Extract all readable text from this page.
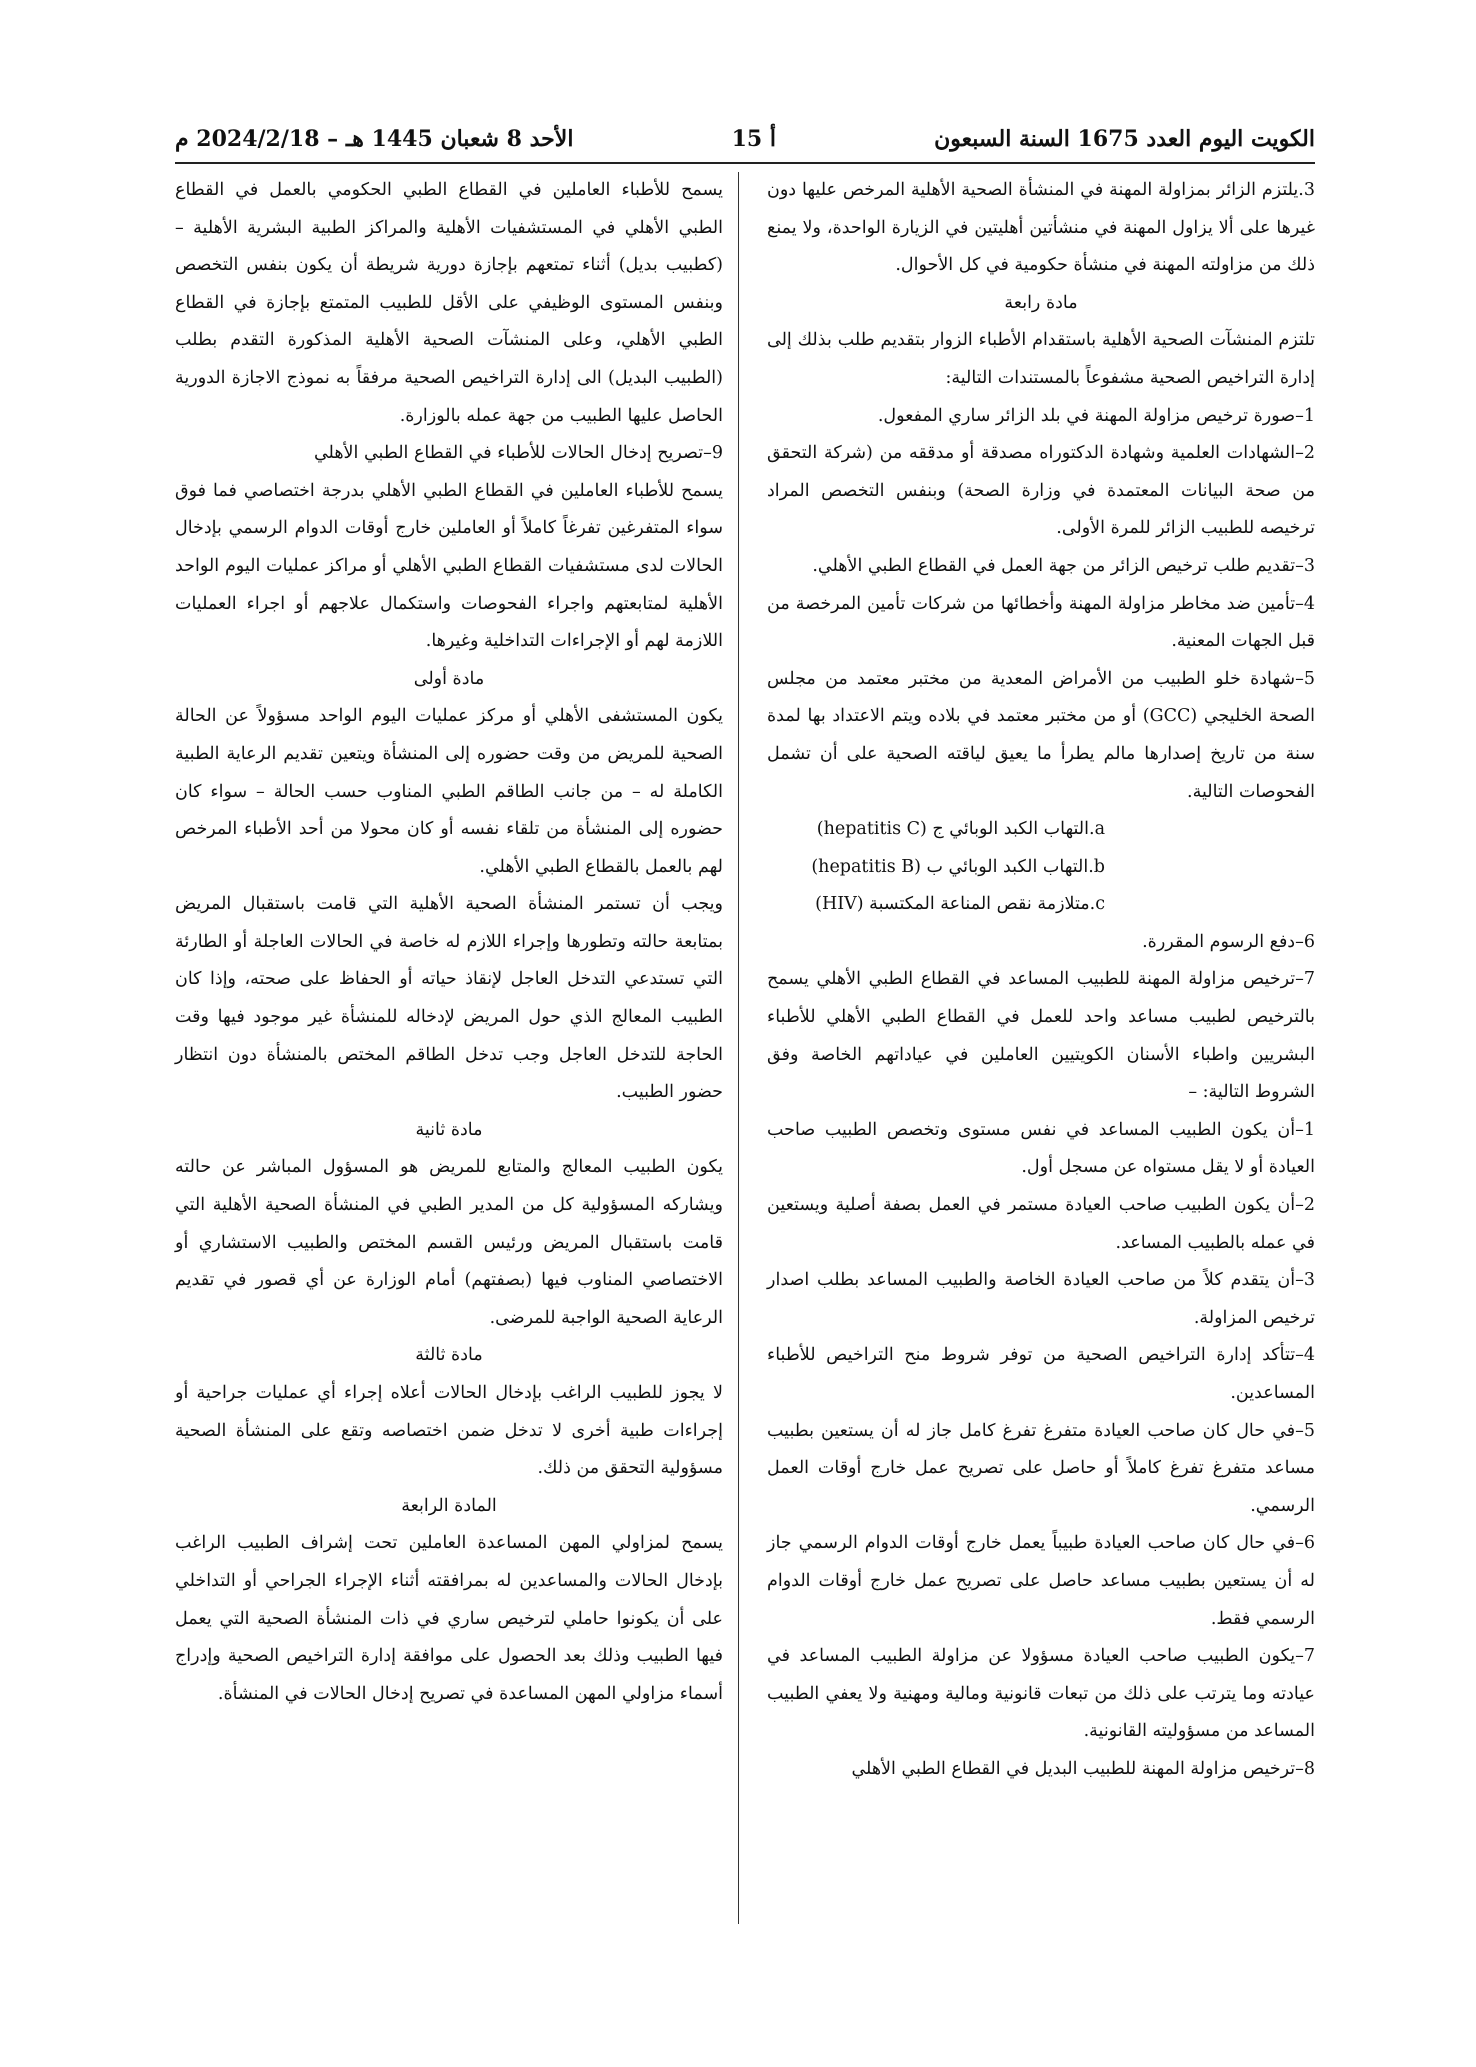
الكويت اليوم العدد 1675 السنة السبعون
أ 15
الأحد 8 شعبان 1445 هـ – 2024/2/18 م

3.يلتزم الزائر بمزاولة المهنة في المنشأة الصحية الأهلية المرخص عليها دون غيرها على ألا يزاول المهنة في منشأتين أهليتين في الزيارة الواحدة، ولا يمنع ذلك من مزاولته المهنة في منشأة حكومية في كل الأحوال.

مادة رابعة

تلتزم المنشآت الصحية الأهلية باستقدام الأطباء الزوار بتقديم طلب بذلك إلى إدارة التراخيص الصحية مشفوعاً بالمستندات التالية:

1–صورة ترخيص مزاولة المهنة في بلد الزائر ساري المفعول.

2–الشهادات العلمية وشهادة الدكتوراه مصدقة أو مدققه من (شركة التحقق من صحة البيانات المعتمدة في وزارة الصحة) وبنفس التخصص المراد ترخيصه للطبيب الزائر للمرة الأولى.

3–تقديم طلب ترخيص الزائر من جهة العمل في القطاع الطبي الأهلي.

4–تأمين ضد مخاطر مزاولة المهنة وأخطائها من شركات تأمين المرخصة من قبل الجهات المعنية.

5–شهادة خلو الطبيب من الأمراض المعدية من مختبر معتمد من مجلس الصحة الخليجي (GCC) أو من مختبر معتمد في بلاده ويتم الاعتداد بها لمدة سنة من تاريخ إصدارها مالم يطرأ ما يعيق لياقته الصحية على أن تشمل الفحوصات التالية.

a.التهاب الكبد الوبائي ج (hepatitis C)

b.التهاب الكبد الوبائي ب (hepatitis B)

c.متلازمة نقص المناعة المكتسبة (HIV)

6–دفع الرسوم المقررة.

7–ترخيص مزاولة المهنة للطبيب المساعد في القطاع الطبي الأهلي يسمح بالترخيص لطبيب مساعد واحد للعمل في القطاع الطبي الأهلي للأطباء البشريين واطباء الأسنان الكويتيين العاملين في عياداتهم الخاصة وفق الشروط التالية: –

1–أن يكون الطبيب المساعد في نفس مستوى وتخصص الطبيب صاحب العيادة أو لا يقل مستواه عن مسجل أول.

2–أن يكون الطبيب صاحب العيادة مستمر في العمل بصفة أصلية ويستعين في عمله بالطبيب المساعد.

3–أن يتقدم كلاً من صاحب العيادة الخاصة والطبيب المساعد بطلب اصدار ترخيص المزاولة.

4–تتأكد إدارة التراخيص الصحية من توفر شروط منح التراخيص للأطباء المساعدين.

5–في حال كان صاحب العيادة متفرغ تفرغ كامل جاز له أن يستعين بطبيب مساعد متفرغ تفرغ كاملاً أو حاصل على تصريح عمل خارج أوقات العمل الرسمي.

6–في حال كان صاحب العيادة طبيباً يعمل خارج أوقات الدوام الرسمي جاز له أن يستعين بطبيب مساعد حاصل على تصريح عمل خارج أوقات الدوام الرسمي فقط.

7–يكون الطبيب صاحب العيادة مسؤولا عن مزاولة الطبيب المساعد في عيادته وما يترتب على ذلك من تبعات قانونية ومالية ومهنية ولا يعفي الطبيب المساعد من مسؤوليته القانونية.

8–ترخيص مزاولة المهنة للطبيب البديل في القطاع الطبي الأهلي

يسمح للأطباء العاملين في القطاع الطبي الحكومي بالعمل في القطاع الطبي الأهلي في المستشفيات الأهلية والمراكز الطبية البشرية الأهلية – (كطبيب بديل) أثناء تمتعهم بإجازة دورية شريطة أن يكون بنفس التخصص وبنفس المستوى الوظيفي على الأقل للطبيب المتمتع بإجازة في القطاع الطبي الأهلي، وعلى المنشآت الصحية الأهلية المذكورة التقدم بطلب (الطبيب البديل) الى إدارة التراخيص الصحية مرفقاً به نموذج الاجازة الدورية الحاصل عليها الطبيب من جهة عمله بالوزارة.

9–تصريح إدخال الحالات للأطباء في القطاع الطبي الأهلي

يسمح للأطباء العاملين في القطاع الطبي الأهلي بدرجة اختصاصي فما فوق سواء المتفرغين تفرغاً كاملاً أو العاملين خارج أوقات الدوام الرسمي بإدخال الحالات لدى مستشفيات القطاع الطبي الأهلي أو مراكز عمليات اليوم الواحد الأهلية لمتابعتهم واجراء الفحوصات واستكمال علاجهم أو اجراء العمليات اللازمة لهم أو الإجراءات التداخلية وغيرها.

مادة أولى

يكون المستشفى الأهلي أو مركز عمليات اليوم الواحد مسؤولاً عن الحالة الصحية للمريض من وقت حضوره إلى المنشأة ويتعين تقديم الرعاية الطبية الكاملة له – من جانب الطاقم الطبي المناوب حسب الحالة – سواء كان حضوره إلى المنشأة من تلقاء نفسه أو كان محولا من أحد الأطباء المرخص لهم بالعمل بالقطاع الطبي الأهلي.

ويجب أن تستمر المنشأة الصحية الأهلية التي قامت باستقبال المريض بمتابعة حالته وتطورها وإجراء اللازم له خاصة في الحالات العاجلة أو الطارئة التي تستدعي التدخل العاجل لإنقاذ حياته أو الحفاظ على صحته، وإذا كان الطبيب المعالج الذي حول المريض لإدخاله للمنشأة غير موجود فيها وقت الحاجة للتدخل العاجل وجب تدخل الطاقم المختص بالمنشأة دون انتظار حضور الطبيب.

مادة ثانية

يكون الطبيب المعالج والمتابع للمريض هو المسؤول المباشر عن حالته ويشاركه المسؤولية كل من المدير الطبي في المنشأة الصحية الأهلية التي قامت باستقبال المريض ورئيس القسم المختص والطبيب الاستشاري أو الاختصاصي المناوب فيها (بصفتهم) أمام الوزارة عن أي قصور في تقديم الرعاية الصحية الواجبة للمرضى.

مادة ثالثة

لا يجوز للطبيب الراغب بإدخال الحالات أعلاه إجراء أي عمليات جراحية أو إجراءات طبية أخرى لا تدخل ضمن اختصاصه وتقع على المنشأة الصحية مسؤولية التحقق من ذلك.

المادة الرابعة

يسمح لمزاولي المهن المساعدة العاملين تحت إشراف الطبيب الراغب بإدخال الحالات والمساعدين له بمرافقته أثناء الإجراء الجراحي أو التداخلي على أن يكونوا حاملي لترخيص ساري في ذات المنشأة الصحية التي يعمل فيها الطبيب وذلك بعد الحصول على موافقة إدارة التراخيص الصحية وإدراج أسماء مزاولي المهن المساعدة في تصريح إدخال الحالات في المنشأة.
